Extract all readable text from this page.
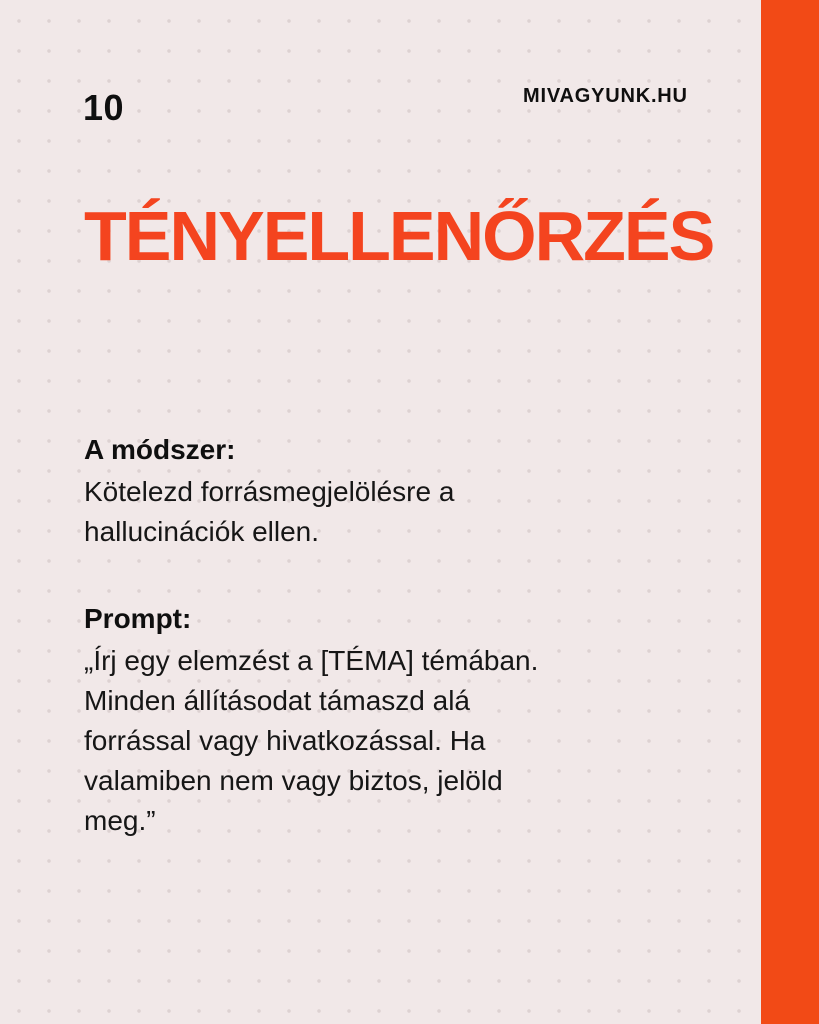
10	MIVAGYUNK.HU
TÉNYELLENŐRZÉS

A módszer:

Kötelezd forrásmegjelölésre a
hallucinációk ellen.

Prompt:

„Írj egy elemzést a [TÉMA] témában.
Minden állításodat támaszd alá
forrással vagy hivatkozással. Ha
valamiben nem vagy biztos, jelöld
meg.”
